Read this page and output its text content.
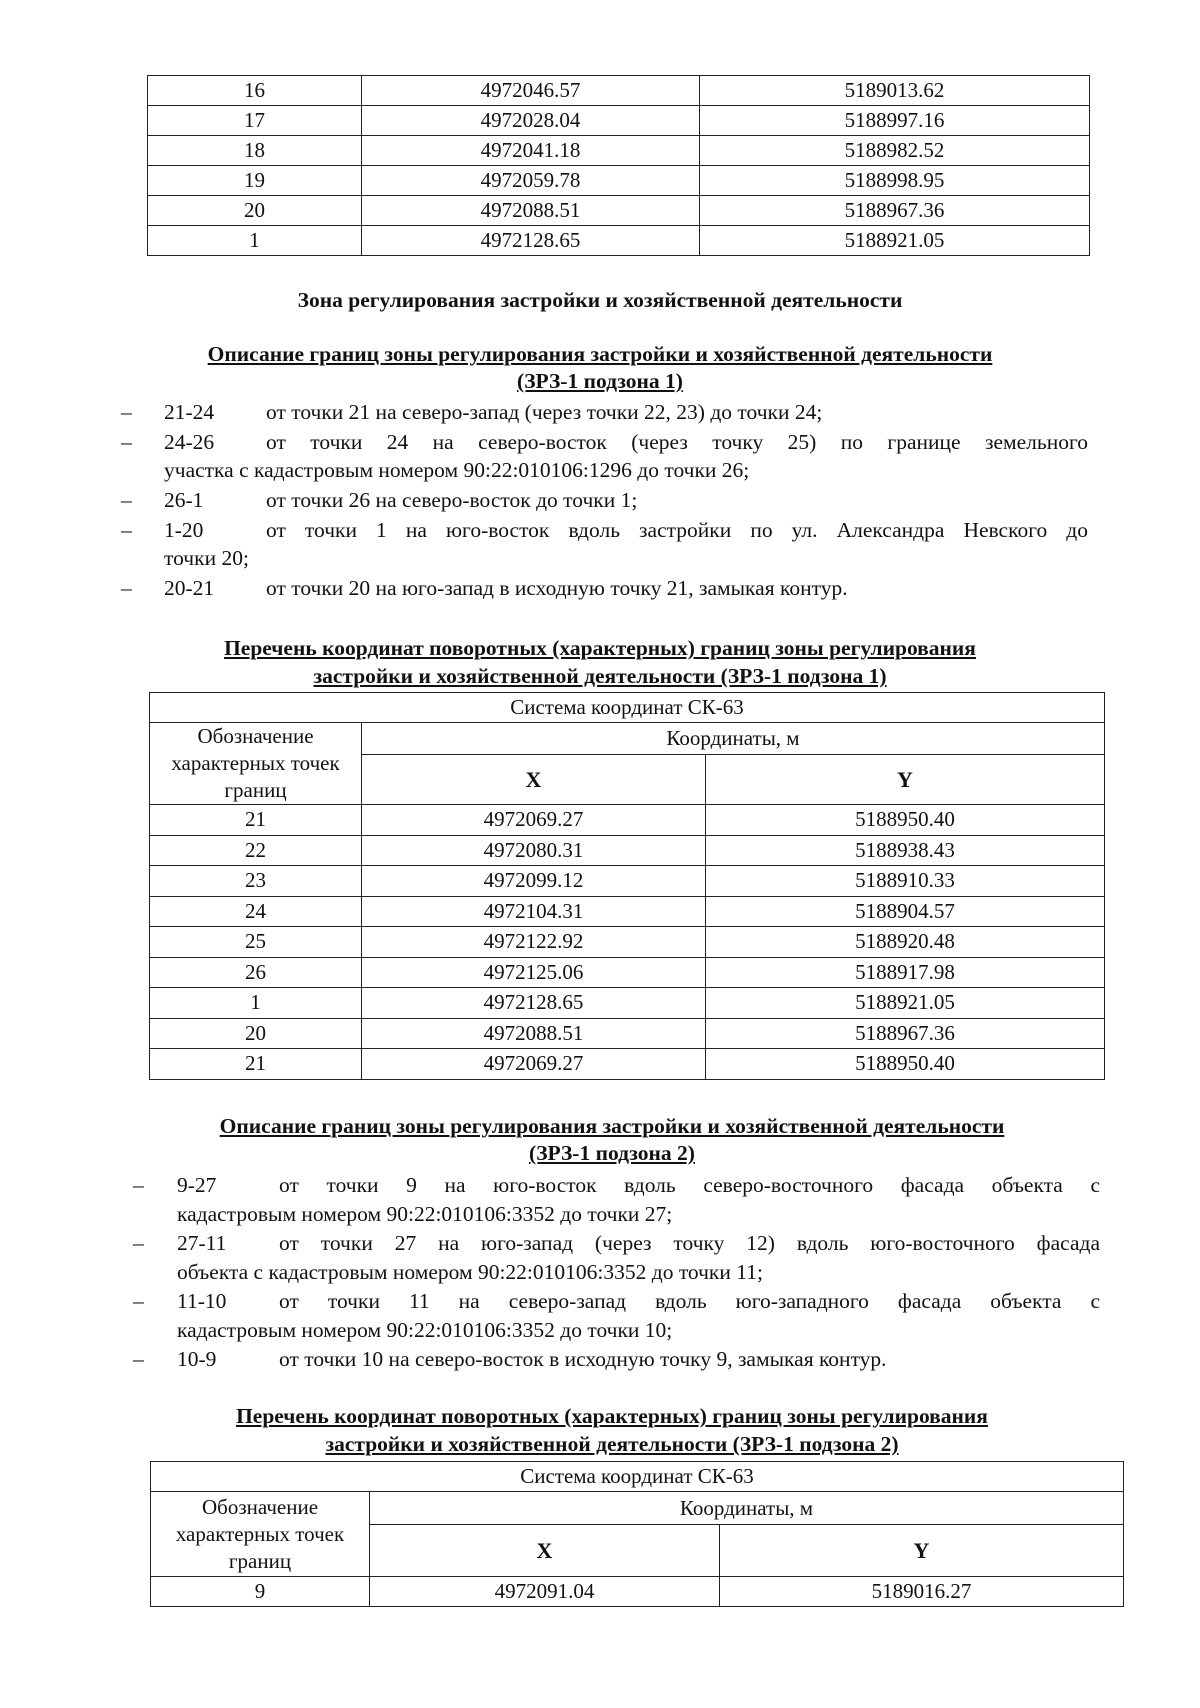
16	4972046.57	5189013.62
17	4972028.04	5188997.16
18	4972041.18	5188982.52
19	4972059.78	5188998.95
20	4972088.51	5188967.36
1	4972128.65	5188921.05
Зона регулирования застройки и хозяйственной деятельности
Описание границ зоны регулирования застройки и хозяйственной деятельности
(ЗРЗ-1 подзона 1)
– 21-24 от точки 21 на северо-запад (через точки 22, 23) до точки 24;
– 24-26 от точки 24 на северо-восток (через точку 25) по границе земельного
участка с кадастровым номером 90:22:010106:1296 до точки 26;
– 26-1	от точки 26 на северо-восток до точки 1;
– 1-20	от точки 1 на юго-восток вдоль застройки по ул. Александра Невского до
точки 20;
– 20-21 от точки 20 на юго-запад в исходную точку 21, замыкая контур.
Перечень координат поворотных (характерных) границ зоны регулирования
застройки и хозяйственной деятельности (ЗРЗ-1 подзона 1)
Система координат СК-63		
Обозначение характерных точек границ	Координаты, м	
	X	Y
21	4972069.27	5188950.40
22	4972080.31	5188938.43
23	4972099.12	5188910.33
24	4972104.31	5188904.57
25	4972122.92	5188920.48
26	4972125.06	5188917.98
1	4972128.65	5188921.05
20	4972088.51	5188967.36
21	4972069.27	5188950.40
Описание границ зоны регулирования застройки и хозяйственной деятельности
(ЗРЗ-1 подзона 2)
– 9-27	от точки 9 на юго-восток вдоль северо-восточного фасада объекта с
кадастровым номером 90:22:010106:3352 до точки 27;
– 27-11 от точки 27 на юго-запад (через точку 12) вдоль юго-восточного фасада
объекта с кадастровым номером 90:22:010106:3352 до точки 11;
– 11-10 от точки 11 на северо-запад вдоль юго-западного фасада объекта с
кадастровым номером 90:22:010106:3352 до точки 10;
– 10-9	от точки 10 на северо-восток в исходную точку 9, замыкая контур.
Перечень координат поворотных (характерных) границ зоны регулирования
застройки и хозяйственной деятельности (ЗРЗ-1 подзона 2)
Система координат СК-63		
Обозначение характерных точек границ	Координаты, м	
	X	Y
9	4972091.04	5189016.27
